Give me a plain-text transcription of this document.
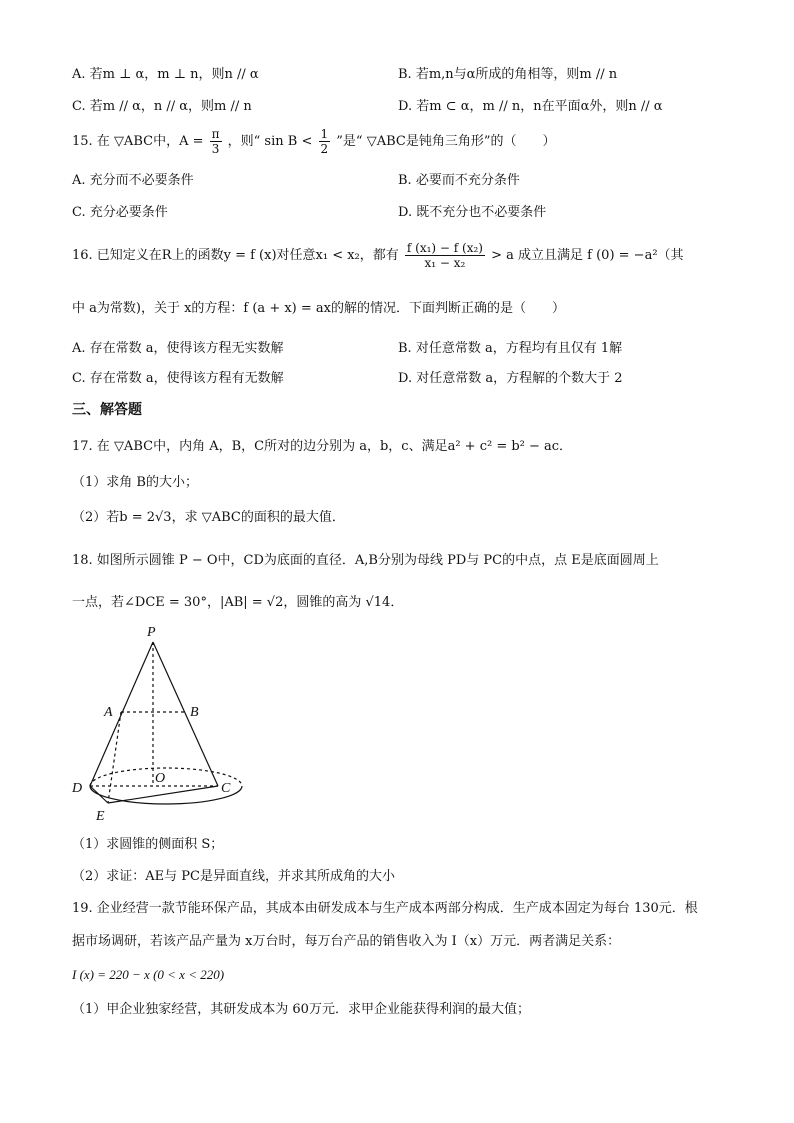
A. 若m ⊥ α，m ⊥ n，则n // α	B. 若m,n与α所成的角相等，则m // n
C. 若m // α，n // α，则m // n	D. 若m ⊂ α，m // n，n在平面α外，则n // α
15. 在 ▽ABC中，$A = \frac{\pi}{3}$ ，则“ $\sin B < \frac{1}{2}$ ”是“ ▽ABC是钝角三角形”的（　　）
A. 充分而不必要条件	B. 必要而不充分条件
C. 充分必要条件	D. 既不充分也不必要条件
16. 已知定义在R上的函数y = f (x)对任意x₁ < x₂，都有 $\frac{\text{f (x₁) − f (x₂)}}{\text{x₁ − x₂}} > a$ 成立且满足 f (0) = −a²（其
中 a为常数)，关于 x的方程：f (a + x) = ax的解的情况．下面判断正确的是（　　）
A. 存在常数 a，使得该方程无实数解	B. 对任意常数 a，方程均有且仅有 1解
C. 存在常数 a，使得该方程有无数解	D. 对任意常数 a，方程解的个数大于 2
三、解答题
17. 在 ▽ABC中，内角 A，B，C所对的边分别为 a，b，c、满足a² + c² = b² − ac．
（1）求角 B的大小；
（2）若b = 2√3，求 ▽ABC的面积的最大值．
18. 如图所示圆锥 P − O中，CD为底面的直径．A,B分别为母线 PD与 PC的中点，点 E是底面圆周上
一点，若∠DCE = 30°，|AB| = √2，圆锥的高为 √14．
P
A	B
O
D	C
E
（1）求圆锥的侧面积 S；
（2）求证：AE与 PC是异面直线，并求其所成角的大小
19. 企业经营一款节能环保产品，其成本由研发成本与生产成本两部分构成．生产成本固定为每台 130元．根
据市场调研，若该产品产量为 x万台时，每万台产品的销售收入为 I（x）万元．两者满足关系：
I (x) = 220 − x (0 < x < 220)
（1）甲企业独家经营，其研发成本为 60万元．求甲企业能获得利润的最大值；
